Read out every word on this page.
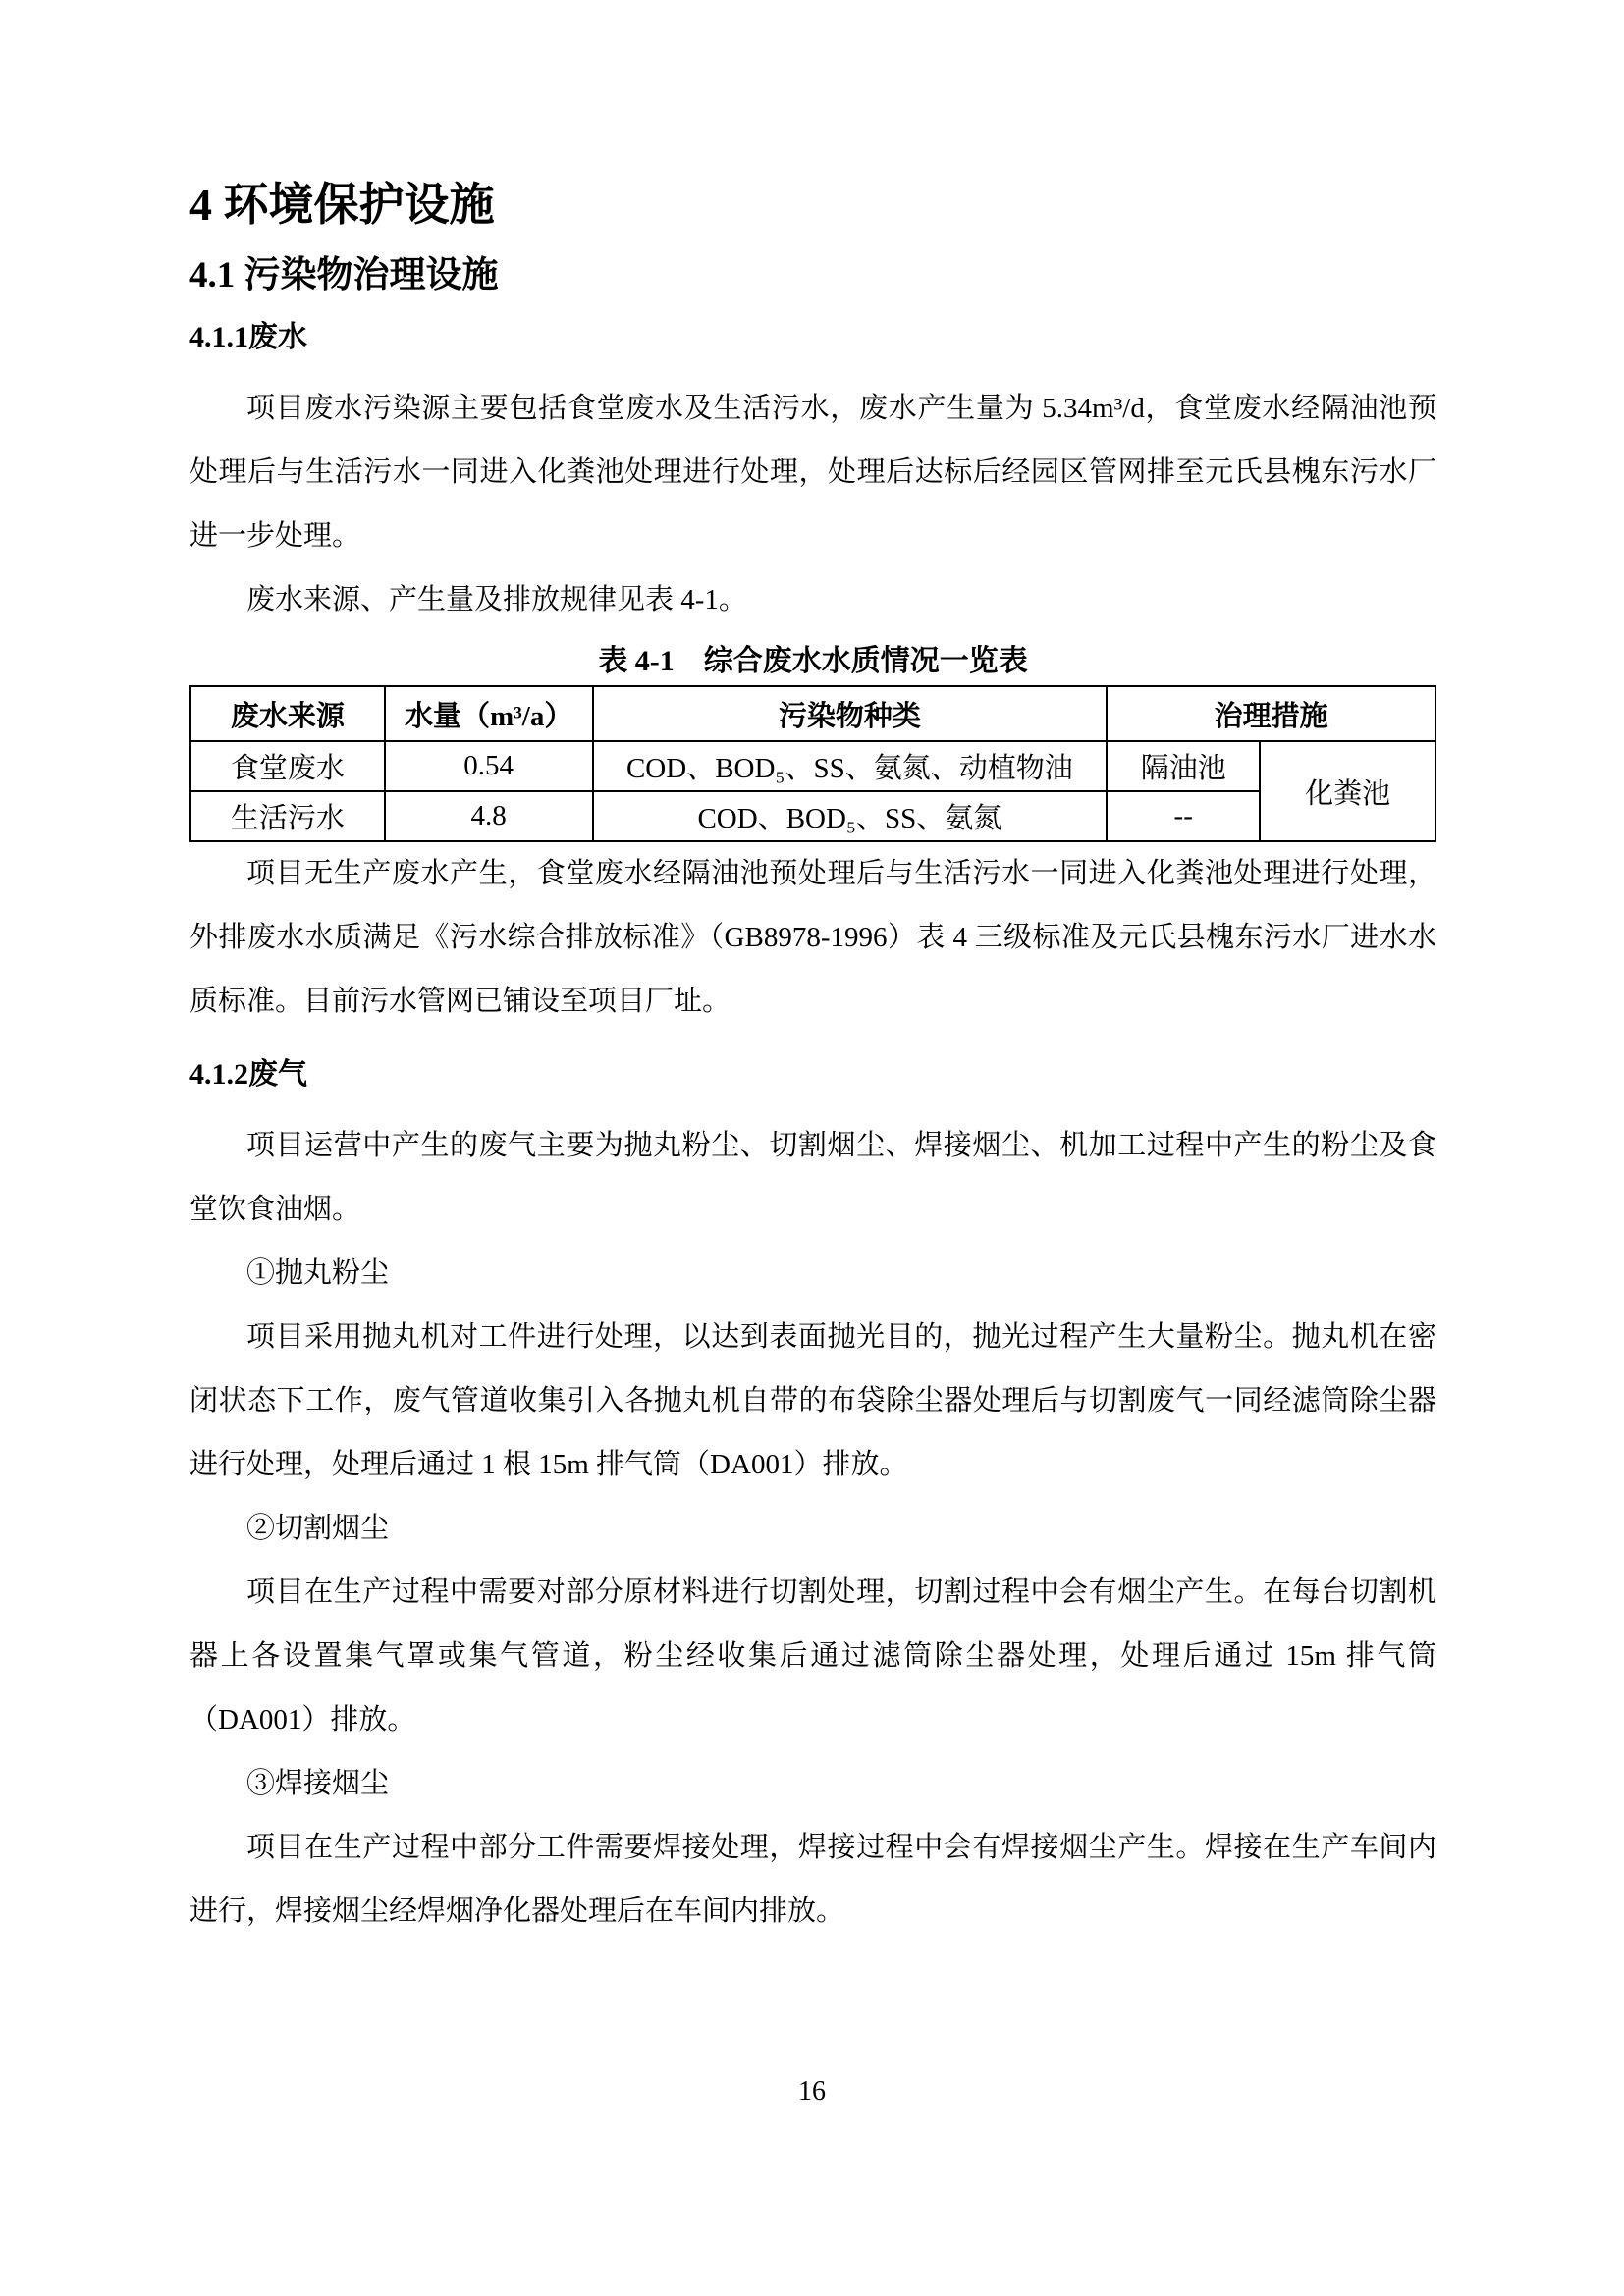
4 环境保护设施
4.1 污染物治理设施
4.1.1废水

项目废水污染源主要包括食堂废水及生活污水，废水产生量为 5.34m³/d，食堂废水经隔油池预处理后与生活污水一同进入化粪池处理进行处理，处理后达标后经园区管网排至元氏县槐东污水厂进一步处理。

废水来源、产生量及排放规律见表 4-1。

表 4-1 综合废水水质情况一览表
废水来源	水量（m³/a）	污染物种类	治理措施	
食堂废水	0.54	COD、BOD₅、SS、氨氮、动植物油	隔油池	化粪池
生活污水	4.8	COD、BOD₅、SS、氨氮	--	

项目无生产废水产生，食堂废水经隔油池预处理后与生活污水一同进入化粪池处理进行处理，外排废水水质满足《污水综合排放标准》（GB8978-1996）表 4 三级标准及元氏县槐东污水厂进水水质标准。目前污水管网已铺设至项目厂址。

4.1.2废气

项目运营中产生的废气主要为抛丸粉尘、切割烟尘、焊接烟尘、机加工过程中产生的粉尘及食堂饮食油烟。

①抛丸粉尘

项目采用抛丸机对工件进行处理，以达到表面抛光目的，抛光过程产生大量粉尘。抛丸机在密闭状态下工作，废气管道收集引入各抛丸机自带的布袋除尘器处理后与切割废气一同经滤筒除尘器进行处理，处理后通过 1 根 15m 排气筒（DA001）排放。

②切割烟尘

项目在生产过程中需要对部分原材料进行切割处理，切割过程中会有烟尘产生。在每台切割机器上各设置集气罩或集气管道，粉尘经收集后通过滤筒除尘器处理，处理后通过 15m 排气筒（DA001）排放。

③焊接烟尘

项目在生产过程中部分工件需要焊接处理，焊接过程中会有焊接烟尘产生。焊接在生产车间内进行，焊接烟尘经焊烟净化器处理后在车间内排放。

16
